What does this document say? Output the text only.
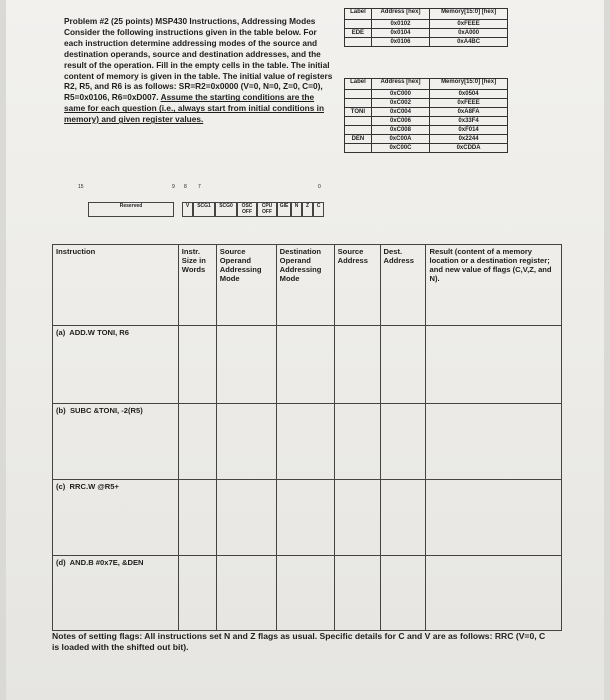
Problem #2 (25 points) MSP430 Instructions, Addressing Modes
Consider the following instructions given in the table below. For each instruction determine addressing modes of the source and destination operands, source and destination addresses, and the result of the operation. Fill in the empty cells in the table. The initial content of memory is given in the table. The initial value of registers R2, R5, and R6 is as follows: SR=R2=0x0000 (V=0, N=0, Z=0, C=0), R5=0x0106, R6=0xD007. Assume the starting conditions are the same for each question (i.e., always start from initial conditions in memory) and given register values.
Label	Address [hex]	Memory[15:0] [hex]
	0x0102	0xFEEE
EDE	0x0104	0xA000
	0x0106	0xA4BC
Label	Address [hex]	Memory[15:0] [hex]
	0xC000	0x0504
	0xC002	0xFEEE
TONI	0xC004	0xA8FA
	0xC006	0x33F4
	0xC008	0xF014
DEN	0xC00A	0x2244
	0xC00C	0xCDDA
15	9 8 7	0
Reserved	V	SCG1	SCG0	OSC OFF
CPU OFF
GIE	N	Z	C
Instruction	Instr. Size in Words	Source Operand Addressing Mode	Destination Operand Addressing Mode	Source Address	Dest. Address	Result (content of a memory location or a destination register; and new value of flags (C,V,Z, and N).
(a) ADD.W TONI, R6						
(b) SUBC &TONI, -2(R5)						
(c) RRC.W @R5+						
(d) AND.B #0x7E, &DEN						
Notes of setting flags: All instructions set N and Z flags as usual. Specific details for C and V are as follows: RRC (V=0, C is loaded with the shifted out bit).
